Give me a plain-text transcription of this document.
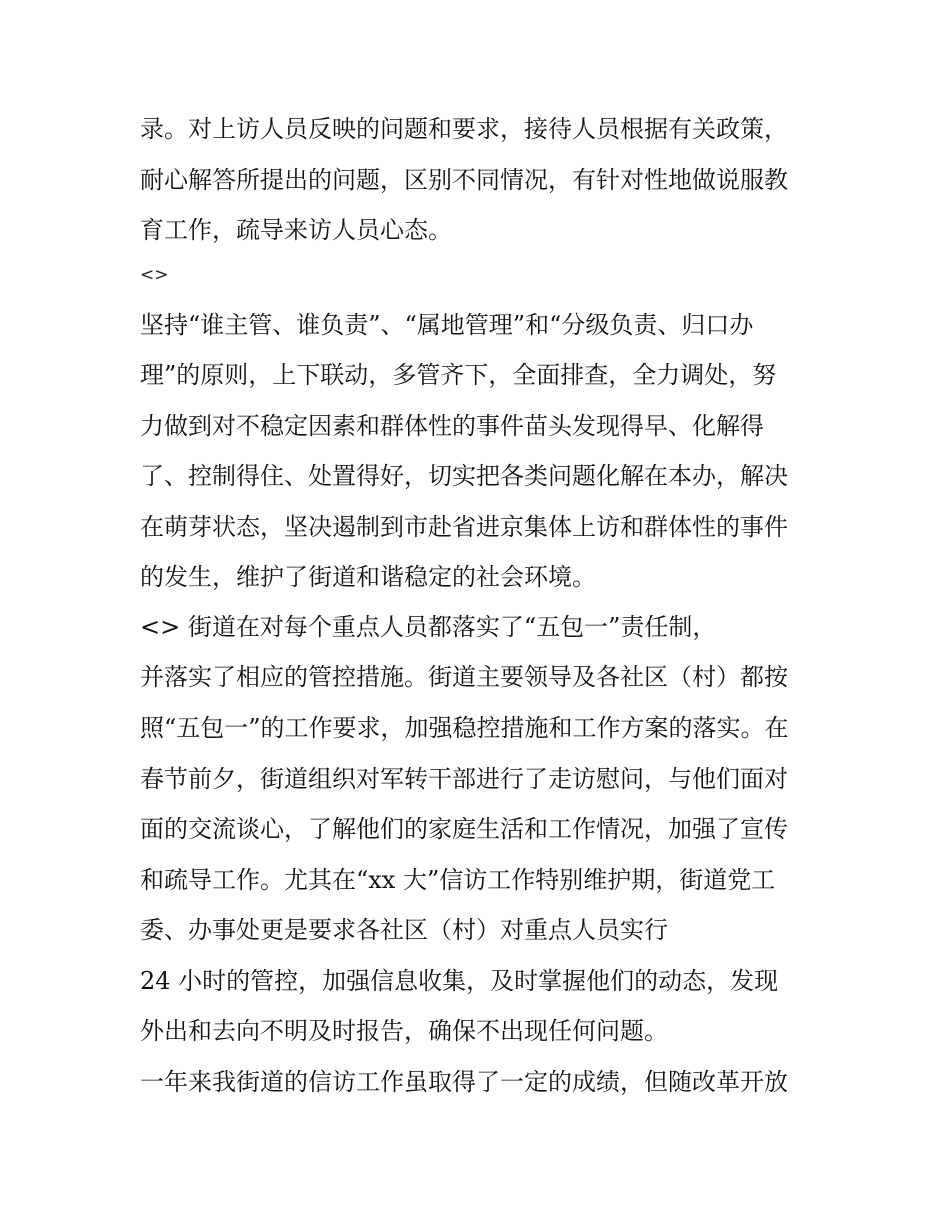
录。对上访人员反映的问题和要求，接待人员根据有关政策，

耐心解答所提出的问题，区别不同情况，有针对性地做说服教

育工作，疏导来访人员心态。

<>

坚持“谁主管、谁负责”、“属地管理”和“分级负责、归口办

理”的原则，上下联动，多管齐下，全面排查，全力调处，努

力做到对不稳定因素和群体性的事件苗头发现得早、化解得

了、控制得住、处置得好，切实把各类问题化解在本办，解决

在萌芽状态，坚决遏制到市赴省进京集体上访和群体性的事件

的发生，维护了街道和谐稳定的社会环境。

<> 街道在对每个重点人员都落实了“五包一”责任制，

并落实了相应的管控措施。街道主要领导及各社区（村）都按

照“五包一”的工作要求，加强稳控措施和工作方案的落实。在

春节前夕，街道组织对军转干部进行了走访慰问，与他们面对

面的交流谈心，了解他们的家庭生活和工作情况，加强了宣传

和疏导工作。尤其在“xx 大”信访工作特别维护期，街道党工

委、办事处更是要求各社区（村）对重点人员实行

24 小时的管控，加强信息收集，及时掌握他们的动态，发现

外出和去向不明及时报告，确保不出现任何问题。

一年来我街道的信访工作虽取得了一定的成绩，但随改革开放
